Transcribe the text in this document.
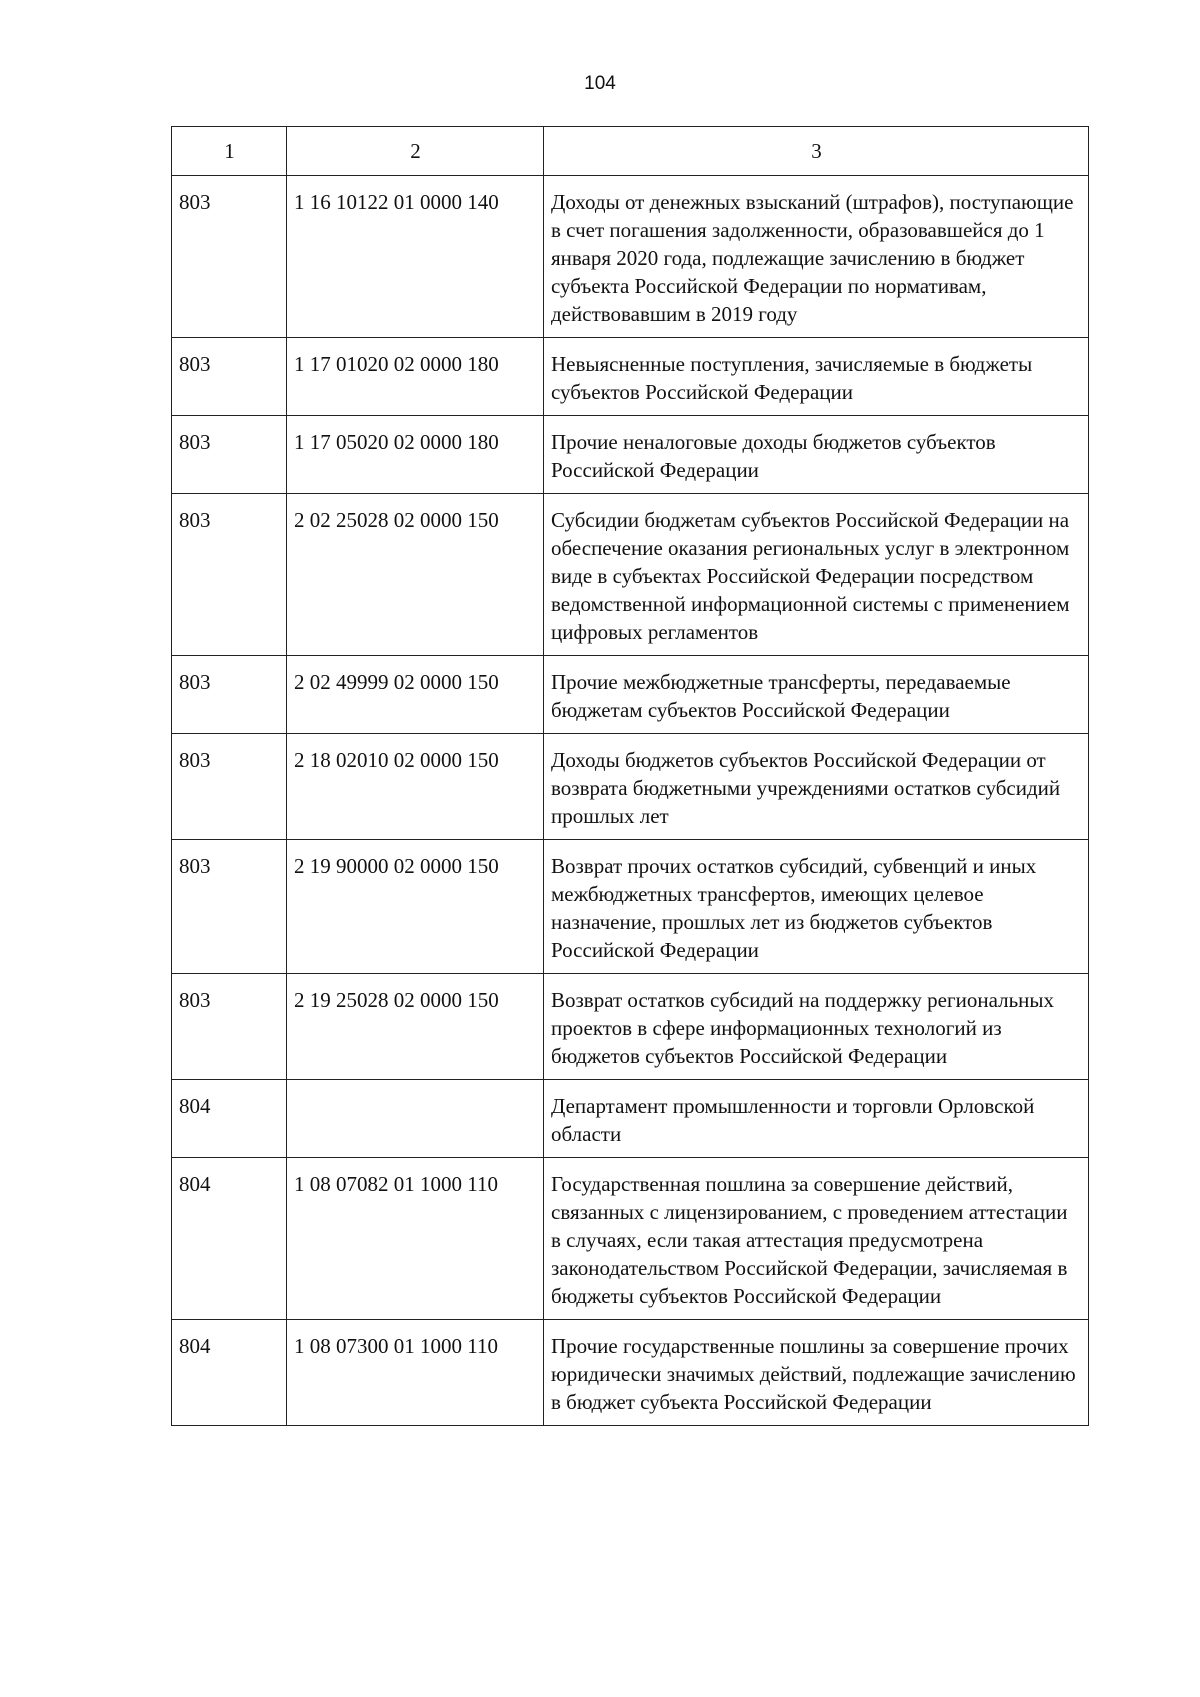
104
1	2	3
803	1 16 10122 01 0000 140	Доходы от денежных взысканий (штрафов), поступающие в счет погашения задолженности, образовавшейся до 1 января 2020 года, подлежащие зачислению в бюджет субъекта Российской Федерации по нормативам, действовавшим в 2019 году
803	1 17 01020 02 0000 180	Невыясненные поступления, зачисляемые в бюджеты субъектов Российской Федерации
803	1 17 05020 02 0000 180	Прочие неналоговые доходы бюджетов субъектов Российской Федерации
803	2 02 25028 02 0000 150	Субсидии бюджетам субъектов Российской Федерации на обеспечение оказания региональных услуг в электронном виде в субъектах Российской Федерации посредством ведомственной информационной системы с применением цифровых регламентов
803	2 02 49999 02 0000 150	Прочие межбюджетные трансферты, передаваемые бюджетам субъектов Российской Федерации
803	2 18 02010 02 0000 150	Доходы бюджетов субъектов Российской Федерации от возврата бюджетными учреждениями остатков субсидий прошлых лет
803	2 19 90000 02 0000 150	Возврат прочих остатков субсидий, субвенций и иных межбюджетных трансфертов, имеющих целевое назначение, прошлых лет из бюджетов субъектов Российской Федерации
803	2 19 25028 02 0000 150	Возврат остатков субсидий на поддержку региональных проектов в сфере информационных технологий из бюджетов субъектов Российской Федерации
804		Департамент промышленности и торговли Орловской области
804	1 08 07082 01 1000 110	Государственная пошлина за совершение действий, связанных с лицензированием, с проведением аттестации в случаях, если такая аттестация предусмотрена законодательством Российской Федерации, зачисляемая в бюджеты субъектов Российской Федерации
804	1 08 07300 01 1000 110	Прочие государственные пошлины за совершение прочих юридически значимых действий, подлежащие зачислению в бюджет субъекта Российской Федерации
